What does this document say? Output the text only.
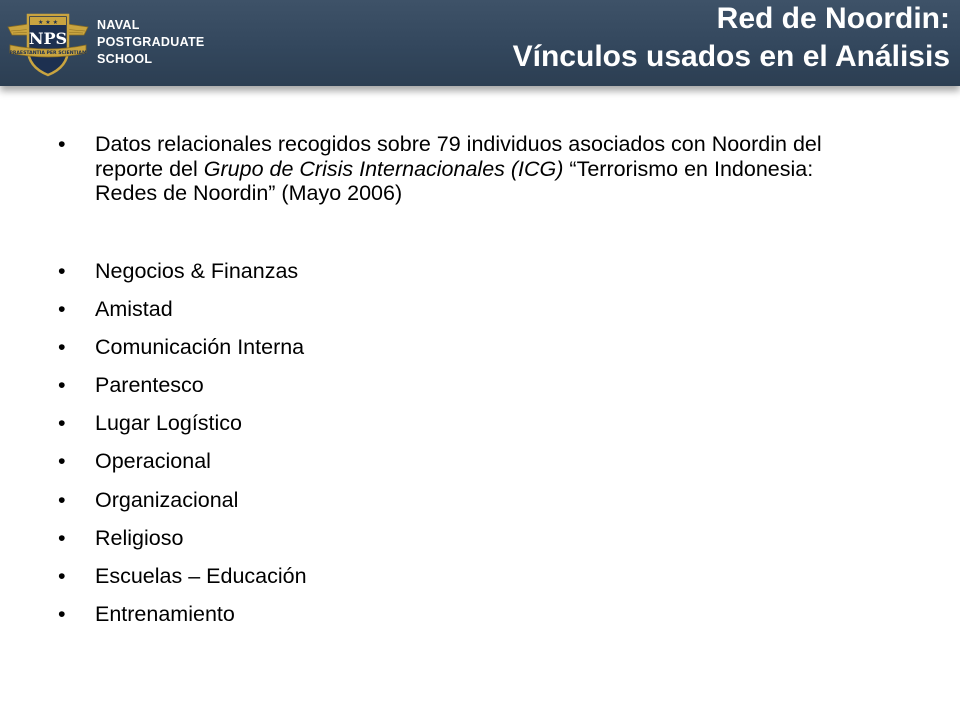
★ ★ ★
NPS
PRAESTANTIA PER SCIENTIAM
NAVAL
POSTGRADUATE
SCHOOL
Red de Noordin:
Vínculos usados en el Análisis
• Datos relacionales recogidos sobre 79 individuos asociados con Noordin del reporte del Grupo de Crisis Internacionales (ICG) “Terrorismo en Indonesia: Redes de Noordin” (Mayo 2006)
• Negocios & Finanzas
• Amistad
• Comunicación Interna
• Parentesco
• Lugar Logístico
• Operacional
• Organizacional
• Religioso
• Escuelas – Educación
• Entrenamiento
